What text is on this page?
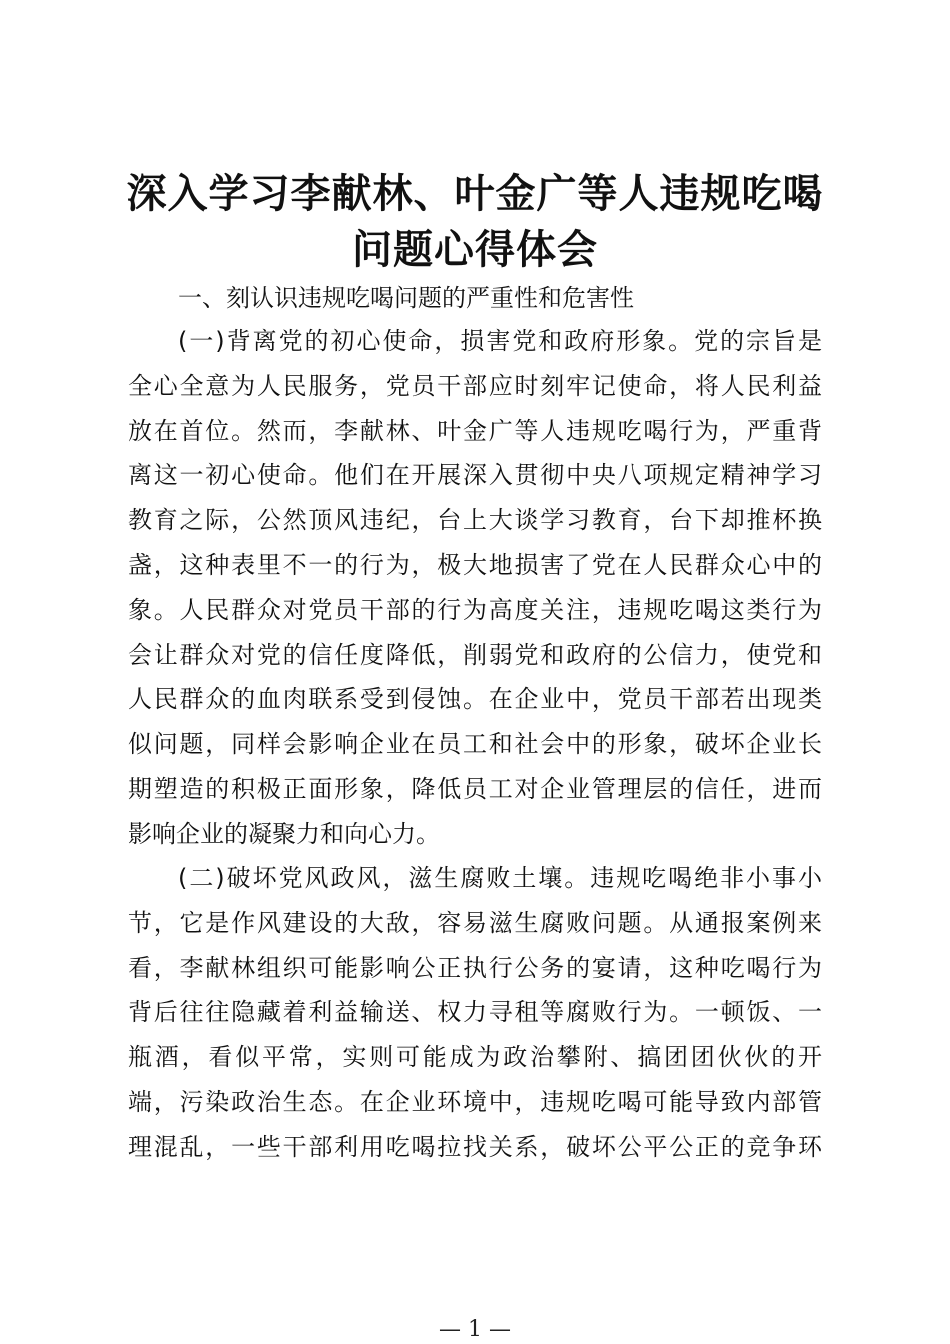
深入学习李献林、叶金广等人违规吃喝
问题心得体会

一、刻认识违规吃喝问题的严重性和危害性

(一)背离党的初心使命，损害党和政府形象。党的宗旨是
全心全意为人民服务，党员干部应时刻牢记使命，将人民利益
放在首位。然而，李献林、叶金广等人违规吃喝行为，严重背
离这一初心使命。他们在开展深入贯彻中央八项规定精神学习
教育之际，公然顶风违纪，台上大谈学习教育，台下却推杯换
盏，这种表里不一的行为，极大地损害了党在人民群众心中的
象。人民群众对党员干部的行为高度关注，违规吃喝这类行为
会让群众对党的信任度降低，削弱党和政府的公信力，使党和
人民群众的血肉联系受到侵蚀。在企业中，党员干部若出现类
似问题，同样会影响企业在员工和社会中的形象，破坏企业长
期塑造的积极正面形象，降低员工对企业管理层的信任，进而
影响企业的凝聚力和向心力。

(二)破坏党风政风，滋生腐败土壤。违规吃喝绝非小事小
节，它是作风建设的大敌，容易滋生腐败问题。从通报案例来
看，李献林组织可能影响公正执行公务的宴请，这种吃喝行为
背后往往隐藏着利益输送、权力寻租等腐败行为。一顿饭、一
瓶酒，看似平常，实则可能成为政治攀附、搞团团伙伙的开
端，污染政治生态。在企业环境中，违规吃喝可能导致内部管
理混乱，一些干部利用吃喝拉找关系，破坏公平公正的竞争环

— 1 —
